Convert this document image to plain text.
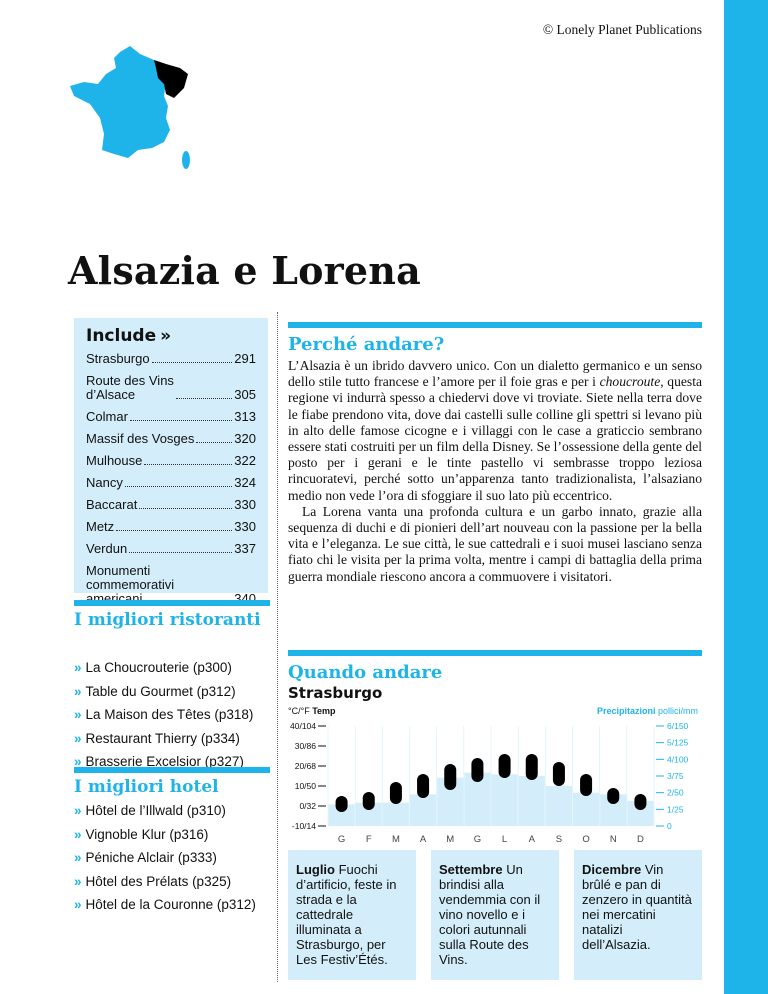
© Lonely Planet Publications
Alsazia e Lorena
Include »
Strasburgo	291
Route des Vins
d’Alsace	305
Colmar	313
Massif des Vosges	320
Mulhouse	322
Nancy	324
Baccarat	330
Metz	330
Verdun	337
Monumenti
commemorativi
americani	340
I migliori ristoranti
» La Choucrouterie (p300)
» Table du Gourmet (p312)
» La Maison des Têtes (p318)
» Restaurant Thierry (p334)
» Brasserie Excelsior (p327)
I migliori hotel
» Hôtel de l’Illwald (p310)
» Vignoble Klur (p316)
» Péniche Alclair (p333)
» Hôtel des Prélats (p325)
» Hôtel de la Couronne (p312)
Perché andare?

L’Alsazia è un ibrido davvero unico. Con un dialetto germanico e un senso dello stile tutto francese e l’amore per il foie gras e per i choucroute, questa regione vi indurrà spesso a chiedervi dove vi troviate. Siete nella terra dove le fiabe prendono vita, dove dai castelli sulle colline gli spettri si levano più in alto delle famose cicogne e i villaggi con le case a graticcio sembrano essere stati costruiti per un film della Disney. Se l’ossessione della gente del posto per i gerani e le tinte pastello vi sembrasse troppo leziosa rincuoratevi, perché sotto un’apparenza tanto tradizionalista, l’alsaziano medio non vede l’ora di sfoggiare il suo lato più eccentrico.

La Lorena vanta una profonda cultura e un garbo innato, grazie alla sequenza di duchi e di pionieri dell’art nouveau con la passione per la bella vita e l’eleganza. Le sue città, le sue cattedrali e i suoi musei lasciano senza fiato chi le visita per la prima volta, mentre i campi di battaglia della prima guerra mondiale riescono ancora a commuovere i visitatori.

Quando andare
Strasburgo
°C/°F Temp	Precipitazioni pollici/mm
40/104
30/86
20/68
10/50
0/32
-10/14
6/150
5/125
4/100
3/75
2/50
1/25
0
G F M A M G L A S O N D
Luglio Fuochi d’artificio, feste in strada e la cattedrale illuminata a Strasburgo, per Les Festiv’Étés.
Settembre Un brindisi alla vendemmia con il vino novello e i colori autunnali sulla Route des Vins.
Dicembre Vin brûlé e pan di zenzero in quantità nei mercatini natalizi dell’Alsazia.
